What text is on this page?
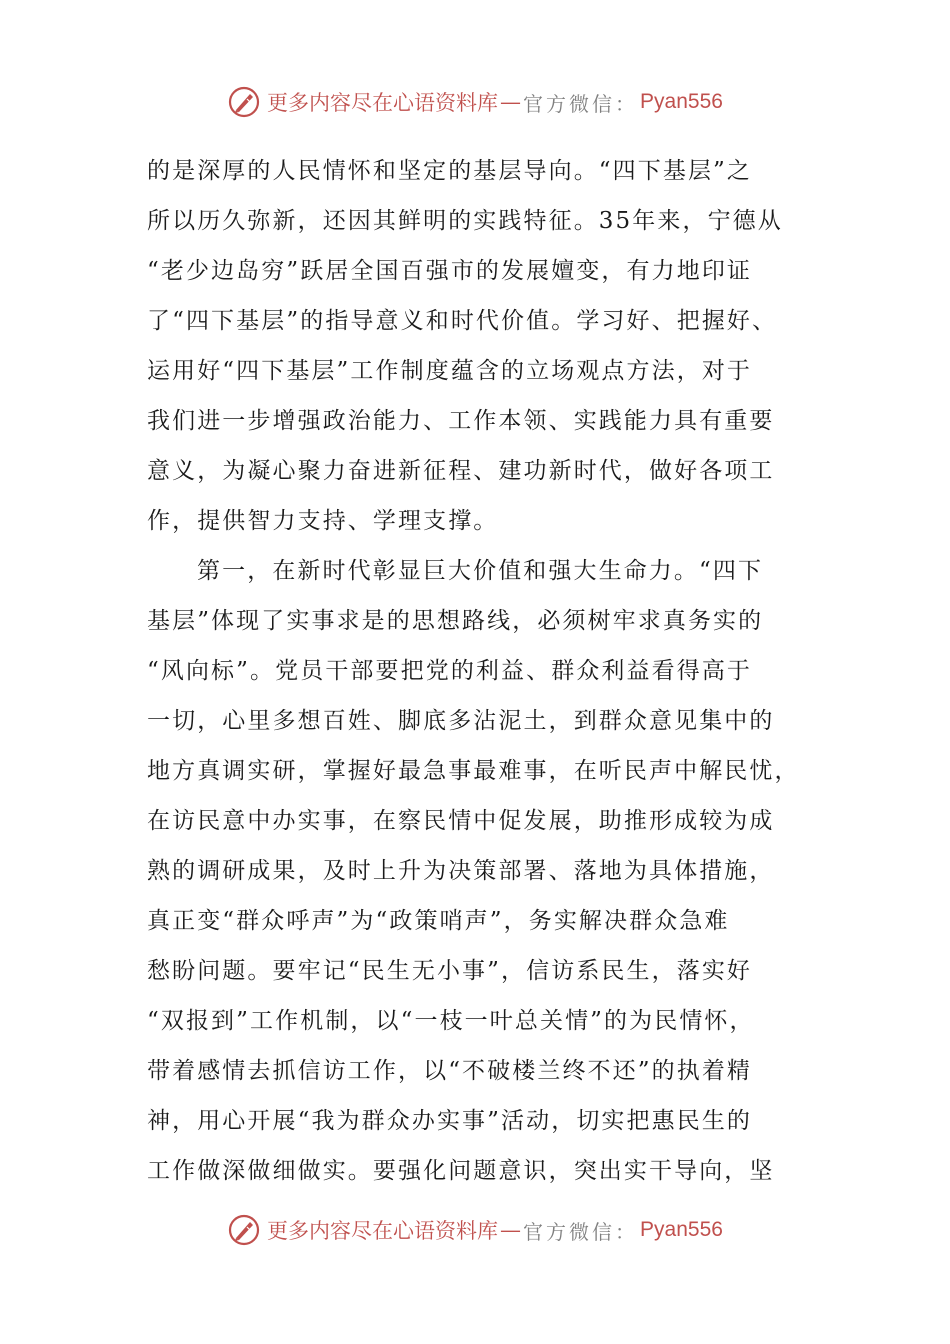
更多内容尽在心语资料库 — 官方微信： Pyan556
的是深厚的人民情怀和坚定的基层导向。“四下基层”之
所以历久弥新，还因其鲜明的实践特征。35年来，宁德从
“老少边岛穷”跃居全国百强市的发展嬗变，有力地印证
了“四下基层”的指导意义和时代价值。学习好、把握好、
运用好“四下基层”工作制度蕴含的立场观点方法，对于
我们进一步增强政治能力、工作本领、实践能力具有重要
意义，为凝心聚力奋进新征程、建功新时代，做好各项工
作，提供智力支持、学理支撑。
第一，在新时代彰显巨大价值和强大生命力。“四下
基层”体现了实事求是的思想路线，必须树牢求真务实的
“风向标”。党员干部要把党的利益、群众利益看得高于
一切，心里多想百姓、脚底多沾泥土，到群众意见集中的
地方真调实研，掌握好最急事最难事，在听民声中解民忧，
在访民意中办实事，在察民情中促发展，助推形成较为成
熟的调研成果，及时上升为决策部署、落地为具体措施，
真正变“群众呼声”为“政策哨声”，务实解决群众急难
愁盼问题。要牢记“民生无小事”，信访系民生，落实好
“双报到”工作机制，以“一枝一叶总关情”的为民情怀，
带着感情去抓信访工作，以“不破楼兰终不还”的执着精
神，用心开展“我为群众办实事”活动，切实把惠民生的
工作做深做细做实。要强化问题意识，突出实干导向，坚
更多内容尽在心语资料库 — 官方微信： Pyan556
